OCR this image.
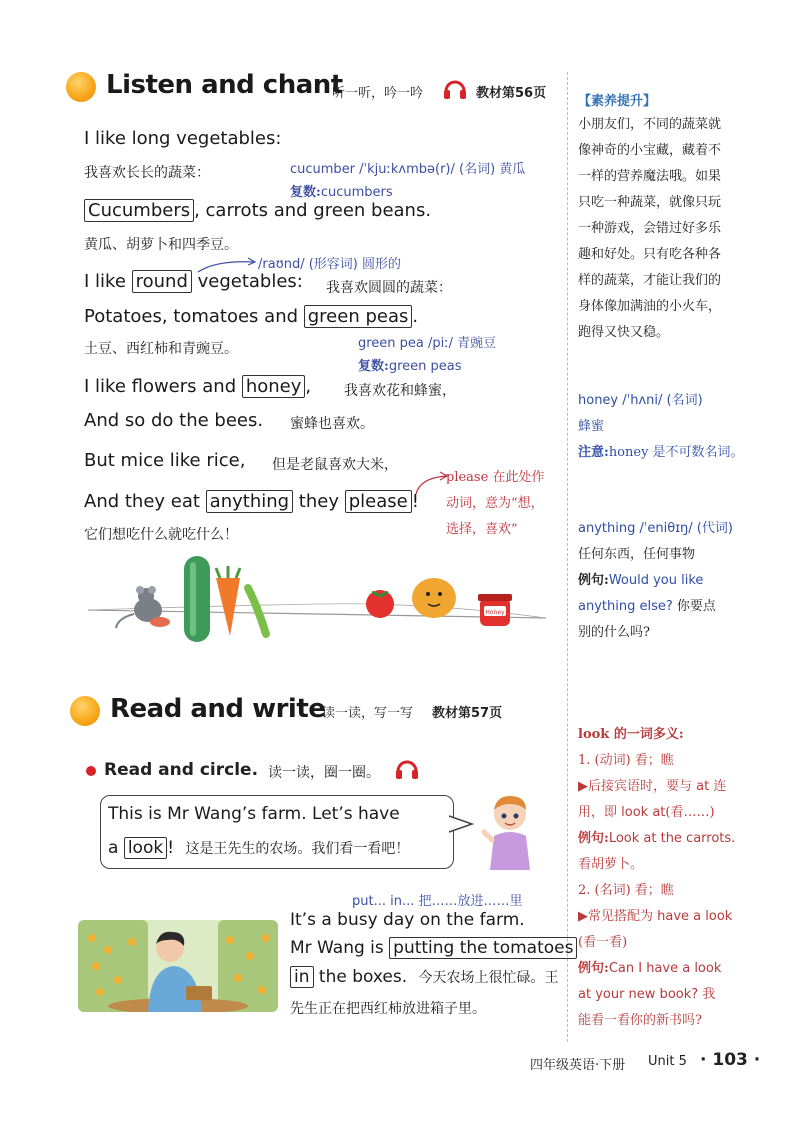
Listen and chant
听一听，吟一吟	教材第56页
I like long vegetables:
我喜欢长长的蔬菜：	cucumber /ˈkjuːkʌmbə(r)/ (名词) 黄瓜
复数:cucumbers
Cucumbers , carrots and green beans.
黄瓜、胡萝卜和四季豆。
/raʊnd/ (形容词) 圆形的
I like round vegetables: 我喜欢圆圆的蔬菜：
Potatoes, tomatoes and green peas .
土豆、西红柿和青豌豆。	green pea /piː/ 青豌豆
复数:green peas
I like flowers and honey , 我喜欢花和蜂蜜，
And so do the bees. 蜜蜂也喜欢。
But mice like rice, 但是老鼠喜欢大米，
And they eat anything they please !
它们想吃什么就吃什么！
please 在此处作
动词，意为“想，
选择，喜欢”
Honey
【素养提升】
小朋友们，不同的蔬菜就
像神奇的小宝藏，藏着不
一样的营养魔法哦。如果
只吃一种蔬菜，就像只玩
一种游戏，会错过好多乐
趣和好处。只有吃各种各
样的蔬菜，才能让我们的
身体像加满油的小火车，
跑得又快又稳。
honey /ˈhʌni/ (名词)
蜂蜜
注意:honey 是不可数名词。
anything /ˈeniθɪŋ/ (代词)
任何东西，任何事物
例句:Would you like
anything else? 你要点
别的什么吗?
look 的一词多义:
1. (动词) 看；瞧
▶后接宾语时，要与 at 连
用，即 look at(看……)
例句:Look at the carrots.
看胡萝卜。
2. (名词) 看；瞧
▶常见搭配为 have a look
(看一看)
例句:Can I have a look
at your new book? 我
能看一看你的新书吗?
Read and write
读一读，写一写 教材第57页
Read and circle. 读一读，圈一圈。
This is Mr Wang’s farm. Let’s have
a look ! 这是王先生的农场。我们看一看吧！
put... in... 把……放进……里
It’s a busy day on the farm.
Mr Wang is putting the tomatoes
in the boxes. 今天农场上很忙碌。王
先生正在把西红柿放进箱子里。
四年级英语·下册 Unit 5 · 103 ·
